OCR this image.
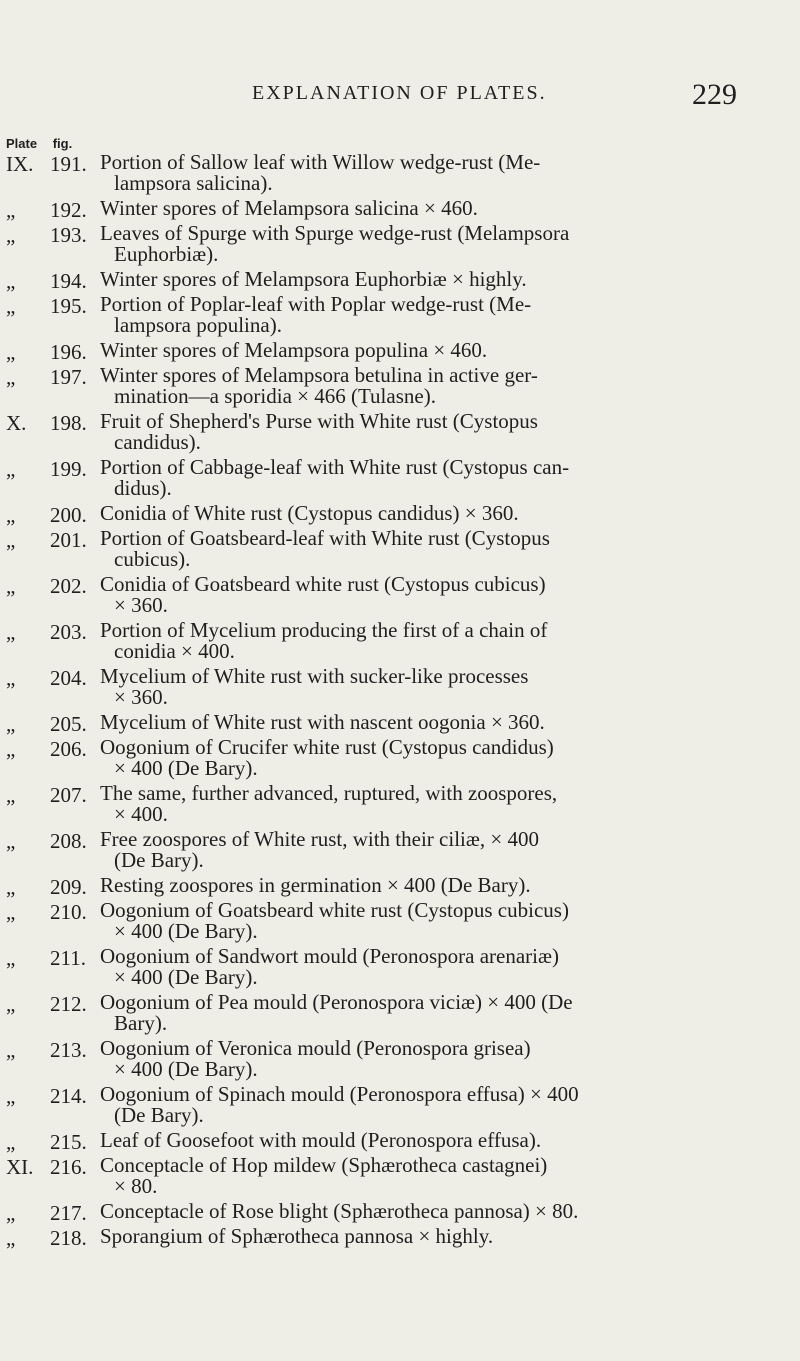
EXPLANATION OF PLATES.	229
Plate fig.
IX. 191. Portion of Sallow leaf with Willow wedge-rust (Me-
lampsora salicina).
„	192. Winter spores of Melampsora salicina × 460.
„	193. Leaves of Spurge with Spurge wedge-rust (Melampsora
Euphorbiæ).
„	194. Winter spores of Melampsora Euphorbiæ × highly.
„	195. Portion of Poplar-leaf with Poplar wedge-rust (Me-
lampsora populina).
„	196. Winter spores of Melampsora populina × 460.
„	197. Winter spores of Melampsora betulina in active ger-
mination—a sporidia × 466 (Tulasne).
X.	198. Fruit of Shepherd's Purse with White rust (Cystopus
candidus).
„	199. Portion of Cabbage-leaf with White rust (Cystopus can-
didus).
„	200. Conidia of White rust (Cystopus candidus) × 360.
„	201. Portion of Goatsbeard-leaf with White rust (Cystopus
cubicus).
„	202. Conidia of Goatsbeard white rust (Cystopus cubicus)
× 360.
„	203. Portion of Mycelium producing the first of a chain of
conidia × 400.
„	204. Mycelium of White rust with sucker-like processes
× 360.
„	205. Mycelium of White rust with nascent oogonia × 360.
„	206. Oogonium of Crucifer white rust (Cystopus candidus)
× 400 (De Bary).
„	207. The same, further advanced, ruptured, with zoospores,
× 400.
„	208. Free zoospores of White rust, with their ciliæ, × 400
(De Bary).
„	209. Resting zoospores in germination × 400 (De Bary).
„	210. Oogonium of Goatsbeard white rust (Cystopus cubicus)
× 400 (De Bary).
„	211. Oogonium of Sandwort mould (Peronospora arenariæ)
× 400 (De Bary).
„	212. Oogonium of Pea mould (Peronospora viciæ) × 400 (De
Bary).
„	213. Oogonium of Veronica mould (Peronospora grisea)
× 400 (De Bary).
„	214. Oogonium of Spinach mould (Peronospora effusa) × 400
(De Bary).
„	215. Leaf of Goosefoot with mould (Peronospora effusa).
XI. 216. Conceptacle of Hop mildew (Sphærotheca castagnei)
× 80.
„	217. Conceptacle of Rose blight (Sphærotheca pannosa) × 80.
„	218. Sporangium of Sphærotheca pannosa × highly.
